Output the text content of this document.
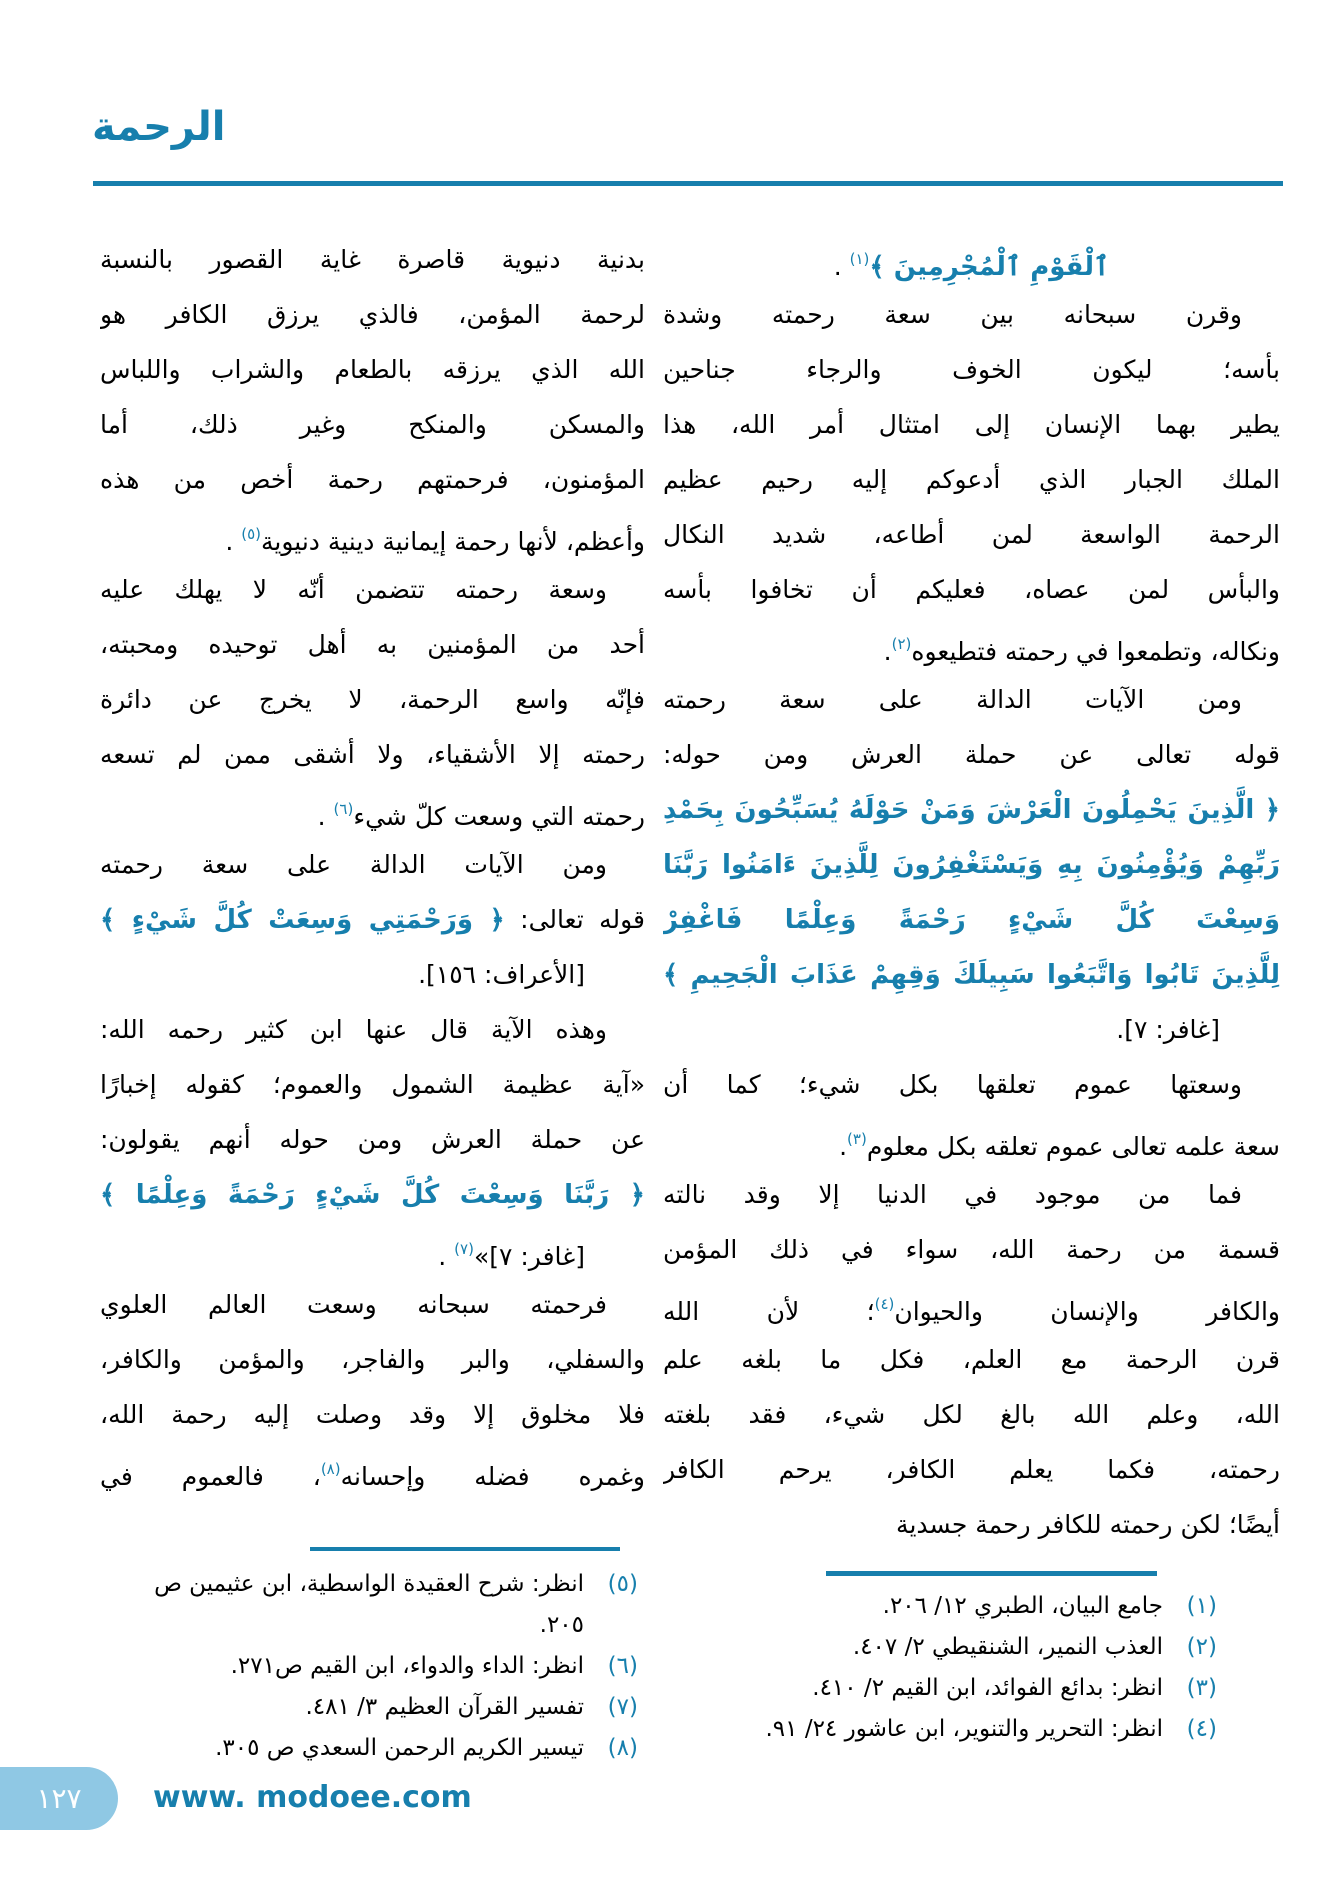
الرحمة
ٱلْقَوْمِ ٱلْمُجْرِمِينَ ﴾$^{(١)}$ .
وقرن سبحانه بين سعة رحمته وشدة
بأسه؛ ليكون الخوف والرجاء جناحين
يطير بهما الإنسان إلى امتثال أمر الله، هذا
الملك الجبار الذي أدعوكم إليه رحيم عظيم
الرحمة الواسعة لمن أطاعه، شديد النكال
والبأس لمن عصاه، فعليكم أن تخافوا بأسه
ونكاله، وتطمعوا في رحمته فتطيعوه$^{(٢)}$.
ومن الآيات الدالة على سعة رحمته
قوله تعالى عن حملة العرش ومن حوله:
﴿ الَّذِينَ يَحْمِلُونَ الْعَرْشَ وَمَنْ حَوْلَهُ يُسَبِّحُونَ بِحَمْدِ
رَبِّهِمْ وَيُؤْمِنُونَ بِهِ وَيَسْتَغْفِرُونَ لِلَّذِينَ ءَامَنُوا رَبَّنَا
وَسِعْتَ كُلَّ شَيْءٍ رَحْمَةً وَعِلْمًا فَاغْفِرْ
لِلَّذِينَ تَابُوا وَاتَّبَعُوا سَبِيلَكَ وَقِهِمْ عَذَابَ الْجَحِيمِ ﴾
[غافر: ٧].
وسعتها عموم تعلقها بكل شيء؛ كما أن
سعة علمه تعالى عموم تعلقه بكل معلوم$^{(٣)}$.
فما من موجود في الدنيا إلا وقد نالته
قسمة من رحمة الله، سواء في ذلك المؤمن
والكافر والإنسان والحيوان$^{(٤)}$؛ لأن الله
قرن الرحمة مع العلم، فكل ما بلغه علم
الله، وعلم الله بالغ لكل شيء، فقد بلغته
رحمته، فكما يعلم الكافر، يرحم الكافر
أيضًا؛ لكن رحمته للكافر رحمة جسدية
بدنية دنيوية قاصرة غاية القصور بالنسبة
لرحمة المؤمن، فالذي يرزق الكافر هو
الله الذي يرزقه بالطعام والشراب واللباس
والمسكن والمنكح وغير ذلك، أما
المؤمنون، فرحمتهم رحمة أخص من هذه
وأعظم، لأنها رحمة إيمانية دينية دنيوية$^{(٥)}$ .
وسعة رحمته تتضمن أنّه لا يهلك عليه
أحد من المؤمنين به أهل توحيده ومحبته،
فإنّه واسع الرحمة، لا يخرج عن دائرة
رحمته إلا الأشقياء، ولا أشقى ممن لم تسعه
رحمته التي وسعت كلّ شيء$^{(٦)}$ .
ومن الآيات الدالة على سعة رحمته
قوله تعالى: ﴿ وَرَحْمَتِي وَسِعَتْ كُلَّ شَيْءٍ ﴾
[الأعراف: ١٥٦].
وهذه الآية قال عنها ابن كثير رحمه الله:
«آية عظيمة الشمول والعموم؛ كقوله إخبارًا
عن حملة العرش ومن حوله أنهم يقولون:
﴿ رَبَّنَا وَسِعْتَ كُلَّ شَيْءٍ رَحْمَةً وَعِلْمًا ﴾
[غافر: ٧]»$^{(٧)}$ .
فرحمته سبحانه وسعت العالم العلوي
والسفلي، والبر والفاجر، والمؤمن والكافر،
فلا مخلوق إلا وقد وصلت إليه رحمة الله،
وغمره فضله وإحسانه$^{(٨)}$، فالعموم في
(١)
جامع البيان، الطبري ١٢/ ٢٠٦.
(٢)
العذب النمير، الشنقيطي ٢/ ٤٠٧.
(٣)
انظر: بدائع الفوائد، ابن القيم ٢/ ٤١٠.
(٤)
انظر: التحرير والتنوير، ابن عاشور ٢٤/ ٩١.
(٥)
انظر: شرح العقيدة الواسطية، ابن عثيمين ص
٢٠٥.
(٦)
انظر: الداء والدواء، ابن القيم ص٢٧١.
(٧)
تفسير القرآن العظيم ٣/ ٤٨١.
(٨)
تيسير الكريم الرحمن السعدي ص ٣٠٥.
١٢٧	www. modoee.com
